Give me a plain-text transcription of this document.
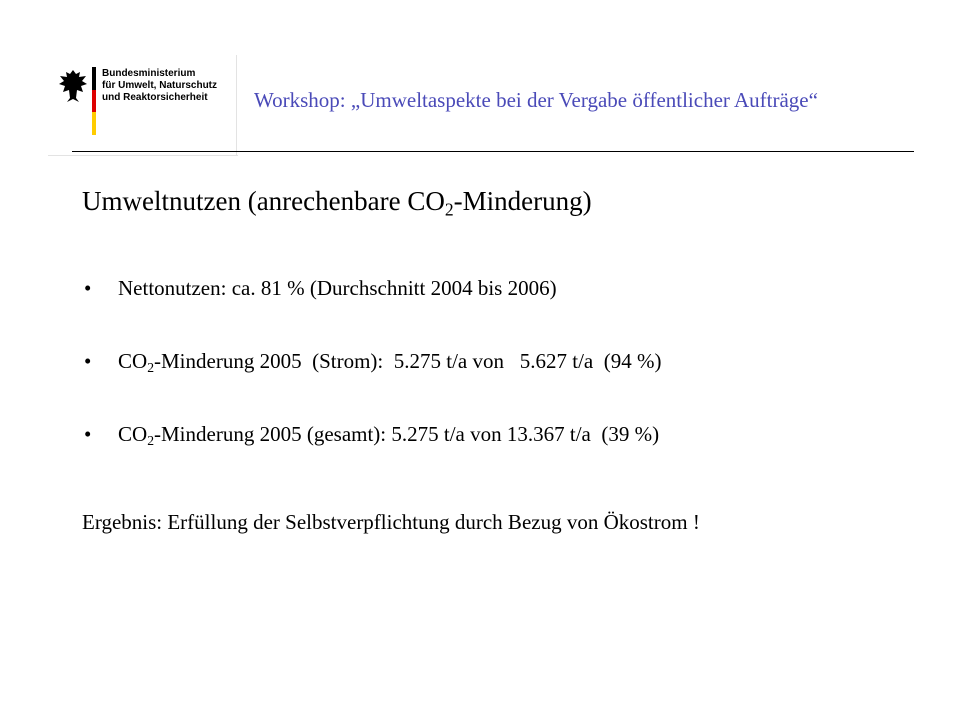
Bundesministerium
für Umwelt, Naturschutz
und Reaktorsicherheit	Workshop: „Umweltaspekte bei der Vergabe öffentlicher Aufträge“
Umweltnutzen (anrechenbare $CO_2-Minderung$)
• Nettonutzen: ca. 81 % (Durchschnitt 2004 bis 2006)
• $CO_2$-Minderung 2005  (Strom):  5.275 t/a von   5.627 t/a  (94 %)
• $CO_2$-Minderung 2005 (gesamt): 5.275 t/a von 13.367 t/a  (39 %)
Ergebnis: Erfüllung der Selbstverpflichtung durch Bezug von Ökostrom !
